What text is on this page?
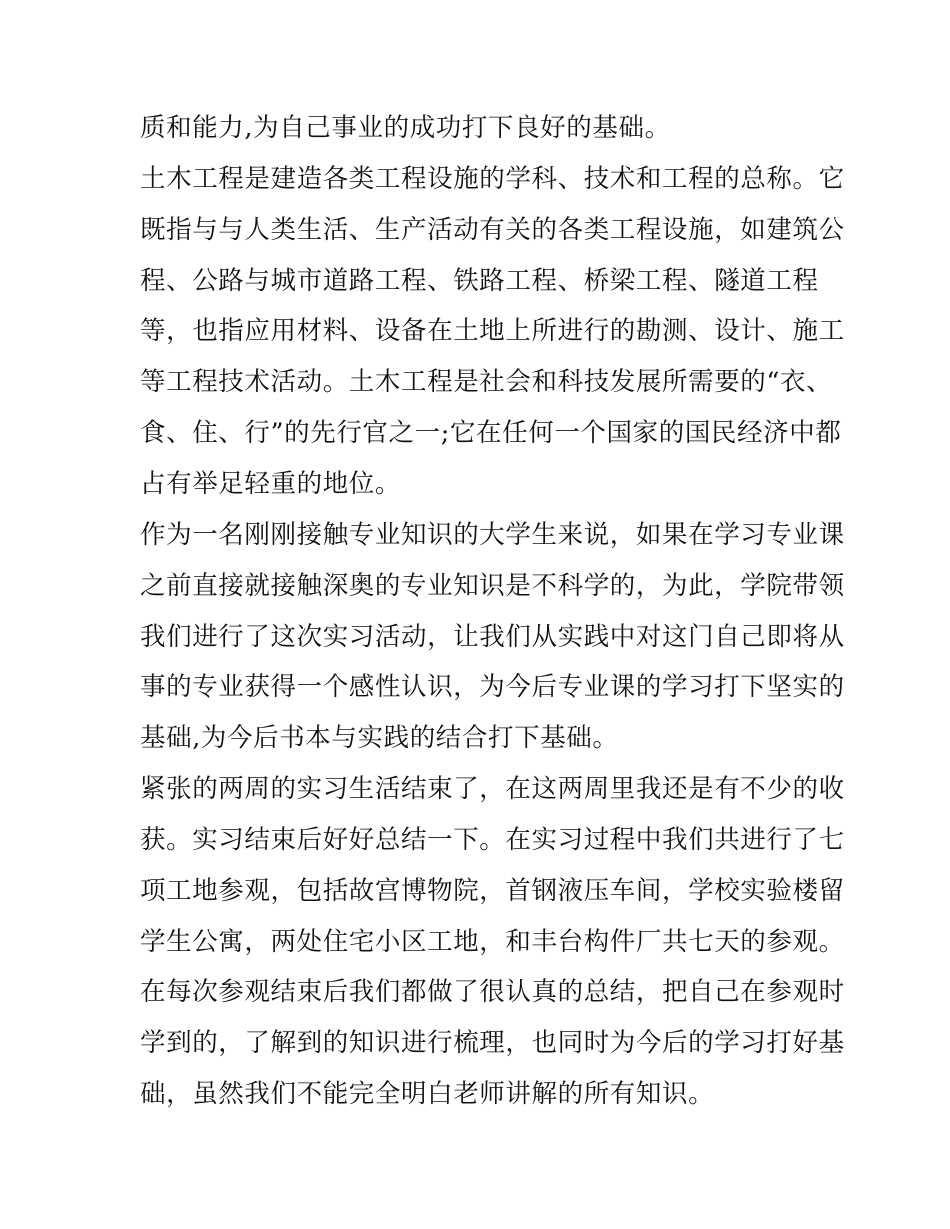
质和能力,为自己事业的成功打下良好的基础。
土木工程是建造各类工程设施的学科、技术和工程的总称。它
既指与与人类生活、生产活动有关的各类工程设施，如建筑公
程、公路与城市道路工程、铁路工程、桥梁工程、隧道工程
等，也指应用材料、设备在土地上所进行的勘测、设计、施工
等工程技术活动。土木工程是社会和科技发展所需要的“衣、
食、住、行”的先行官之一;它在任何一个国家的国民经济中都
占有举足轻重的地位。
作为一名刚刚接触专业知识的大学生来说，如果在学习专业课
之前直接就接触深奥的专业知识是不科学的，为此，学院带领
我们进行了这次实习活动，让我们从实践中对这门自己即将从
事的专业获得一个感性认识，为今后专业课的学习打下坚实的
基础,为今后书本与实践的结合打下基础。
紧张的两周的实习生活结束了，在这两周里我还是有不少的收
获。实习结束后好好总结一下。在实习过程中我们共进行了七
项工地参观，包括故宫博物院，首钢液压车间，学校实验楼留
学生公寓，两处住宅小区工地，和丰台构件厂共七天的参观。
在每次参观结束后我们都做了很认真的总结，把自己在参观时
学到的，了解到的知识进行梳理，也同时为今后的学习打好基
础，虽然我们不能完全明白老师讲解的所有知识。
